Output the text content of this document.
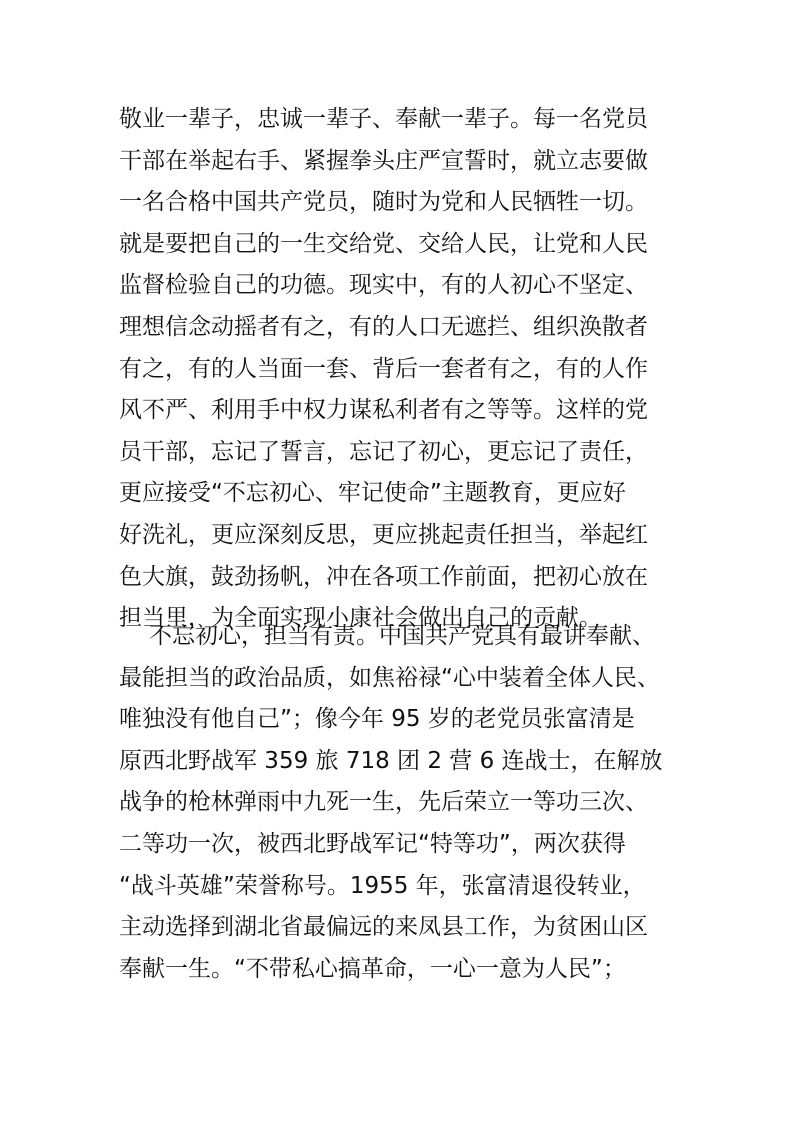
敬业一辈子，忠诚一辈子、奉献一辈子。每一名党员
干部在举起右手、紧握拳头庄严宣誓时，就立志要做
一名合格中国共产党员，随时为党和人民牺牲一切。
就是要把自己的一生交给党、交给人民，让党和人民
监督检验自己的功德。现实中，有的人初心不坚定、
理想信念动摇者有之，有的人口无遮拦、组织涣散者
有之，有的人当面一套、背后一套者有之，有的人作
风不严、利用手中权力谋私利者有之等等。这样的党
员干部，忘记了誓言，忘记了初心，更忘记了责任，
更应接受“不忘初心、牢记使命”主题教育，更应好
好洗礼，更应深刻反思，更应挑起责任担当，举起红
色大旗，鼓劲扬帆，冲在各项工作前面，把初心放在
担当里，为全面实现小康社会做出自己的贡献。
不忘初心，担当有责。中国共产党具有最讲奉献、
最能担当的政治品质，如焦裕禄“心中装着全体人民、
唯独没有他自己”；像今年 95 岁的老党员张富清是
原西北野战军 359 旅 718 团 2 营 6 连战士，在解放
战争的枪林弹雨中九死一生，先后荣立一等功三次、
二等功一次，被西北野战军记“特等功”，两次获得
“战斗英雄”荣誉称号。1955 年，张富清退役转业，
主动选择到湖北省最偏远的来凤县工作，为贫困山区
奉献一生。“不带私心搞革命，一心一意为人民”；
